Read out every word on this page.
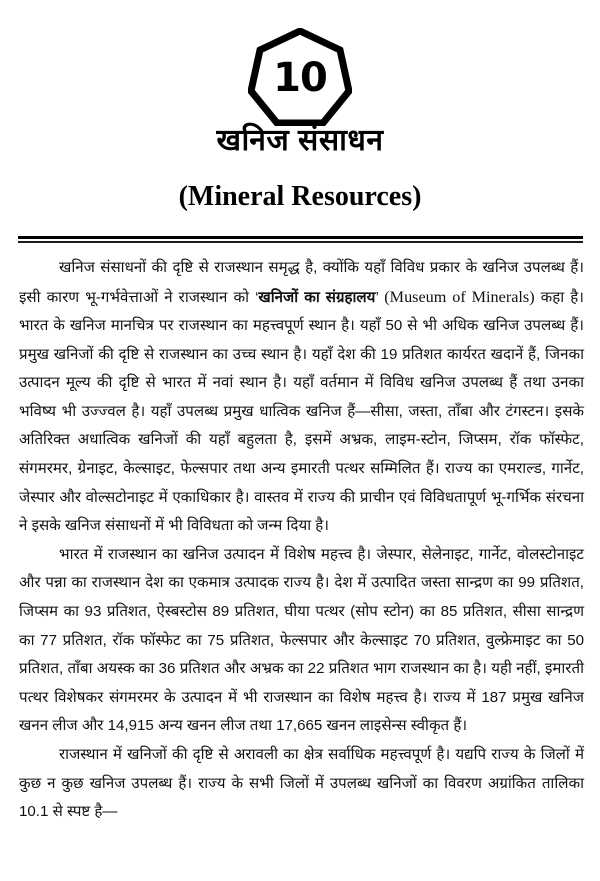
10
खनिज संसाधन
(Mineral Resources)

खनिज संसाधनों की दृष्टि से राजस्थान समृद्ध है, क्योंकि यहाँ विविध प्रकार के खनिज उपलब्ध हैं। इसी कारण भू-गर्भवेत्ताओं ने राजस्थान को ‘खनिजों का संग्रहालय’ (Museum of Minerals) कहा है। भारत के खनिज मानचित्र पर राजस्थान का महत्त्वपूर्ण स्थान है। यहाँ 50 से भी अधिक खनिज उपलब्ध हैं। प्रमुख खनिजों की दृष्टि से राजस्थान का उच्च स्थान है। यहाँ देश की 19 प्रतिशत कार्यरत खदानें हैं, जिनका उत्पादन मूल्य की दृष्टि से भारत में नवां स्थान है। यहाँ वर्तमान में विविध खनिज उपलब्ध हैं तथा उनका भविष्य भी उज्ज्वल है। यहाँ उपलब्ध प्रमुख धात्विक खनिज हैं—सीसा, जस्ता, ताँबा और टंगस्टन। इसके अतिरिक्त अधात्विक खनिजों की यहाँ बहुलता है, इसमें अभ्रक, लाइम-स्टोन, जिप्सम, रॉक फॉस्फेट, संगमरमर, ग्रेनाइट, केल्साइट, फेल्सपार तथा अन्य इमारती पत्थर सम्मिलित हैं। राज्य का एमराल्ड, गार्नेट, जेस्पार और वोल्सटोनाइट में एकाधिकार है। वास्तव में राज्य की प्राचीन एवं विविधतापूर्ण भू-गर्भिक संरचना ने इसके खनिज संसाधनों में भी विविधता को जन्म दिया है।

भारत में राजस्थान का खनिज उत्पादन में विशेष महत्त्व है। जेस्पार, सेलेनाइट, गार्नेट, वोलस्टोनाइट और पन्ना का राजस्थान देश का एकमात्र उत्पादक राज्य है। देश में उत्पादित जस्ता सान्द्रण का 99 प्रतिशत, जिप्सम का 93 प्रतिशत, ऐस्बस्टोस 89 प्रतिशत, घीया पत्थर (सोप स्टोन) का 85 प्रतिशत, सीसा सान्द्रण का 77 प्रतिशत, रॉक फॉस्फेट का 75 प्रतिशत, फेल्सपार और केल्साइट 70 प्रतिशत, वुल्फ्रेमाइट का 50 प्रतिशत, ताँबा अयस्क का 36 प्रतिशत और अभ्रक का 22 प्रतिशत भाग राजस्थान का है। यही नहीं, इमारती पत्थर विशेषकर संगमरमर के उत्पादन में भी राजस्थान का विशेष महत्त्व है। राज्य में 187 प्रमुख खनिज खनन लीज और 14,915 अन्य खनन लीज तथा 17,665 खनन लाइसेन्स स्वीकृत हैं।

राजस्थान में खनिजों की दृष्टि से अरावली का क्षेत्र सर्वाधिक महत्त्वपूर्ण है। यद्यपि राज्य के जिलों में कुछ न कुछ खनिज उपलब्ध हैं। राज्य के सभी जिलों में उपलब्ध खनिजों का विवरण अग्रांकित तालिका 10.1 से स्पष्ट है—
